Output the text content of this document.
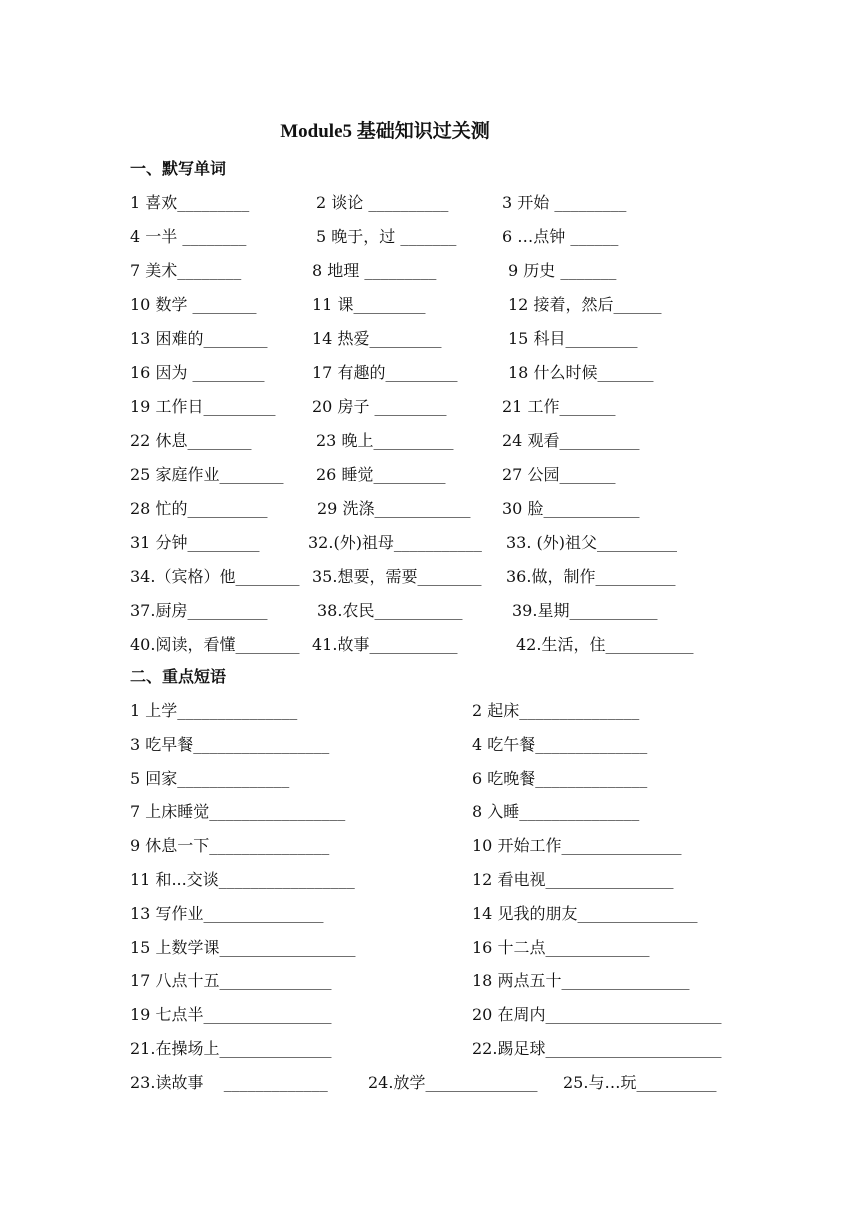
Module5 基础知识过关测
一、默写单词
1 喜欢_________	2 谈论 __________	3 开始 _________
4 一半 ________	5 晚于，过 _______	6 …点钟 ______
7 美术________	8 地理 _________	9 历史 _______
10 数学 ________	11 课_________	12 接着，然后______
13 困难的________	14 热爱_________	15 科目_________
16 因为 _________	17 有趣的_________	18 什么时候_______
19 工作日_________ 20 房子 _________	21 工作_______
22 休息________	23 晚上__________	24 观看__________
25 家庭作业________ 26 睡觉_________	27 公园_______
28 忙的__________	29 洗涤____________ 30 脸____________
31 分钟_________	32.(外)祖母___________ 33. (外)祖父__________
34.（宾格）他________ 35.想要，需要________ 36.做，制作__________
37.厨房__________	38.农民___________	39.星期___________
40.阅读，看懂________ 41.故事___________	42.生活，住___________
二、重点短语
1 上学_______________	2 起床_______________
3 吃早餐_________________	4 吃午餐______________
5 回家______________	6 吃晚餐______________
7 上床睡觉_________________	8 入睡_______________
9 休息一下_______________	10 开始工作_______________
11 和...交谈_________________	12 看电视________________
13 写作业_______________	14 见我的朋友_______________
15 上数学课_________________	16 十二点_____________
17 八点十五______________	18 两点五十________________
19 七点半________________	20 在周内______________________
21.在操场上______________	22.踢足球______________________
23.读故事    _____________	24.放学______________ 25.与…玩__________
